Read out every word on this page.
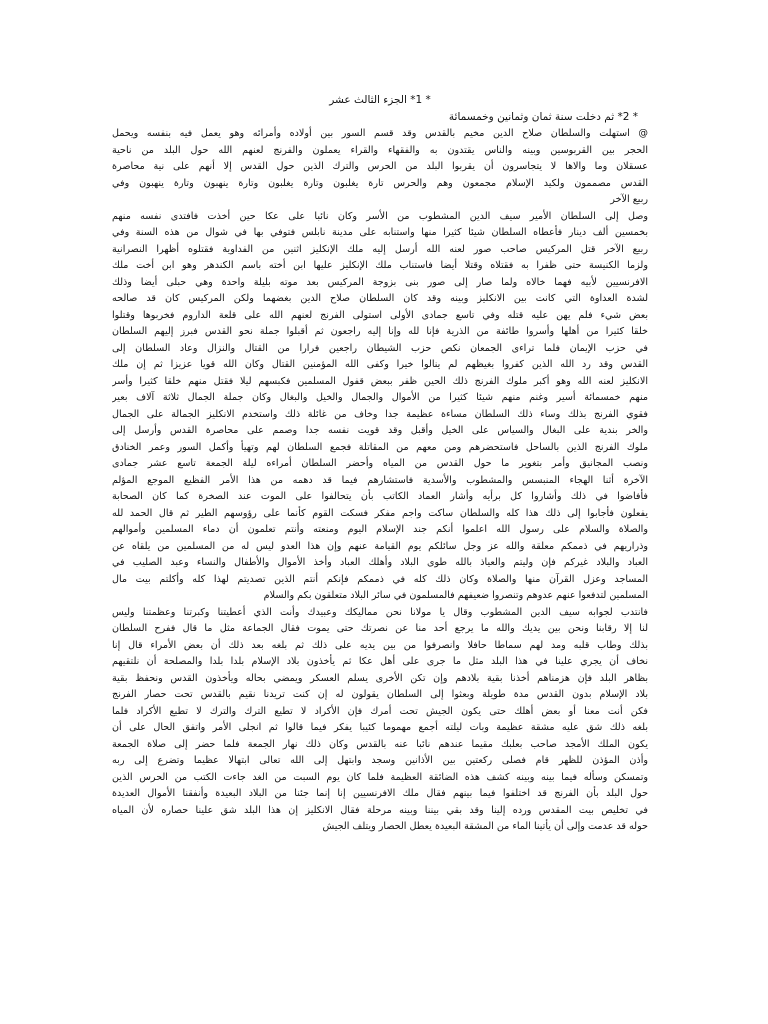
* 1* الجزء الثالث عشر

* 2* ثم دخلت سنة ثمان وثمانين وخمسمائة

@ استهلت والسلطان صلاح الدين مخيم بالقدس وقد قسم السور بين أولاده وأمرائه وهو يعمل فيه بنفسه ويحمل
الحجر بين القربوسين وبينه والناس يقتدون به والفقهاء والقراء يعملون والفرنج لعنهم الله حول البلد من ناحية
عسقلان وما والاها لا يتجاسرون أن يقربوا البلد من الحرس والترك الذين حول القدس إلا أنهم على نية محاصرة
القدس مصممون ولكيد الإسلام مجمعون وهم والحرس تارة يغلبون وتارة يغلبون وتارة ينهبون وتارة ينهبون وفي
ربيع الآخر
وصل إلى السلطان الأمير سيف الدين المشطوب من الأسر وكان نائبا على عكا حين أخذت فافتدى نفسه منهم
بخمسين ألف دينار فأعطاه السلطان شيئا كثيرا منها واستنابه على مدينة نابلس فتوفي بها في شوال من هذه السنة وفي
ربيع الآخر قتل المركيس صاحب صور لعنه الله أرسل إليه ملك الإنكليز اثنين من الفداوية فقتلوه أظهرا النصرانية
ولزما الكنيسة حتى ظفرا به فقتلاه وقتلا أيضا فاستناب ملك الإنكليز عليها ابن أخته باسم الكندهر وهو ابن أخت ملك
الافرنسيين لأبيه فهما خالاه ولما صار إلى صور بنى بزوجة المركيس بعد موته بليلة واحدة وهي حبلى أيضا وذلك
لشدة العداوة التي كانت بين الانكليز وبينه وقد كان السلطان صلاح الدين بغضهما ولكن المركيس كان قد صالحه
بعض شيء فلم يهن عليه قتله وفي تاسع جمادى الأولى استولى الفرنج لعنهم الله على قلعة الداروم فخربوها وقتلوا
خلقا كثيرا من أهلها وأسروا طائفة من الذرية فإنا لله وإنا إليه راجعون ثم أقبلوا جملة نحو القدس فبرز إليهم السلطان
في حزب الإيمان فلما تراءى الجمعان نكص حزب الشيطان راجعين فرارا من القتال والنزال وعاد السلطان إلى
القدس وقد رد الله الذين كفروا بغيظهم لم ينالوا خيرا وكفى الله المؤمنين القتال وكان الله قويا عزيزا ثم إن ملك
الانكليز لعنه الله وهو أكبر ملوك الفرنج ذلك الحين ظفر ببعض قفول المسلمين فكبسهم ليلا فقتل منهم خلقا كثيرا وأسر
منهم خمسمائة أسير وغنم منهم شيئا كثيرا من الأموال والجمال والخيل والبغال وكان جملة الجمال ثلاثة آلاف بعير
فقوي الفرنج بذلك وساء ذلك السلطان مساءة عظيمة جدا وخاف من غائلة ذلك واستخدم الانكليز الجمالة على الجمال
والخر بندية على البغال والسياس على الخيل وأقبل وقد قويت نفسه جدا وصمم على محاصرة القدس وأرسل إلى
ملوك الفرنج الذين بالساحل فاستحضرهم ومن معهم من المقاتلة فجمع السلطان لهم وتهيأ وأكمل السور وعمر الخنادق
ونصب المجانيق وأمر بتغوير ما حول القدس من المياه وأحضر السلطان أمراءه ليلة الجمعة تاسع عشر جمادى
الآخرة أثنا الهجاء المنبسس والمشطوب والأسدية فاستشارهم فيما قد دهمه من هذا الأمر الفظيع الموجع المؤلم
فأفاضوا في ذلك وأشاروا كل برأيه وأشار العماد الكاتب بأن يتحالفوا على الموت عند الصخرة كما كان الصحابة
يفعلون فأجابوا إلى ذلك هذا كله والسلطان ساكت واجم مفكر فسكت القوم كأنما على رؤوسهم الطير ثم قال الحمد لله
والصلاة والسلام على رسول الله اعلموا أنكم جند الإسلام اليوم ومنعته وأنتم تعلمون أن دماء المسلمين وأموالهم
وذراريهم في ذممكم معلقة والله عز وجل سائلكم يوم القيامة عنهم وإن هذا العدو ليس له من المسلمين من يلقاه عن
العباد والبلاد غيركم فإن وليتم والعياذ بالله طوى البلاد وأهلك العباد وأخذ الأموال والأطفال والنساء وعبد الصليب في
المساجد وعزل القرآن منها والصلاة وكان ذلك كله في ذممكم فإنكم أنتم الذين تصديتم لهذا كله وأكلتم بيت مال
المسلمين لتدفعوا عنهم عدوهم وتنصروا ضعيفهم فالمسلمون في سائر البلاد متعلقون بكم والسلام
فانتدب لجوابه سيف الدين المشطوب وقال يا مولانا نحن مماليكك وعبيدك وأنت الذي أعطيتنا وكبرتنا وعظمتنا وليس
لنا إلا رقابنا ونحن بين يديك والله ما يرجع أحد منا عن نصرتك حتى يموت فقال الجماعة مثل ما قال ففرح السلطان
بذلك وطاب قلبه ومد لهم سماطا حافلا وانصرفوا من بين يديه على ذلك ثم بلغه بعد ذلك أن بعض الأمراء قال إنا
نخاف أن يجري علينا في هذا البلد مثل ما جرى على أهل عكا ثم يأخذون بلاد الإسلام بلدا بلدا والمصلحة أن نلتقيهم
بظاهر البلد فإن هزمناهم أخذنا بقية بلادهم وإن تكن الأخرى يسلم العسكر ويمضي بحاله ويأخذون القدس ونحفظ بقية
بلاد الإسلام بدون القدس مدة طويلة وبعثوا إلى السلطان يقولون له إن كنت تريدنا نقيم بالقدس تحت حصار الفرنج
فكن أنت معنا أو بعض أهلك حتى يكون الجيش تحت أمرك فإن الأكراد لا تطيع الترك والترك لا تطيع الأكراد فلما
بلغه ذلك شق عليه مشقة عظيمة وبات ليلته أجمع مهموما كئيبا يفكر فيما قالوا ثم انجلى الأمر واتفق الحال على أن
يكون الملك الأمجد صاحب بعلبك مقيما عندهم نائبا عنه بالقدس وكان ذلك نهار الجمعة فلما حضر إلى صلاة الجمعة
وأذن المؤذن للظهر قام فصلى ركعتين بين الأذانين وسجد وابتهل إلى الله تعالى ابتهالا عظيما وتضرع إلى ربه
وتمسكن وسأله فيما بينه وبينه كشف هذه الضائقة العظيمة فلما كان يوم السبت من الغد جاءت الكتب من الحرس الذين
حول البلد بأن الفرنج قد اختلفوا فيما بينهم فقال ملك الافرنسيين إنا إنما جئنا من البلاد البعيدة وأنفقنا الأموال العديدة
في تخليص بيت المقدس ورده إلينا وقد بقي بيننا وبينه مرحلة فقال الانكليز إن هذا البلد شق علينا حصاره لأن المياه
حوله قد عدمت وإلى أن يأتينا الماء من المشقة البعيدة يعطل الحصار ويتلف الجيش
